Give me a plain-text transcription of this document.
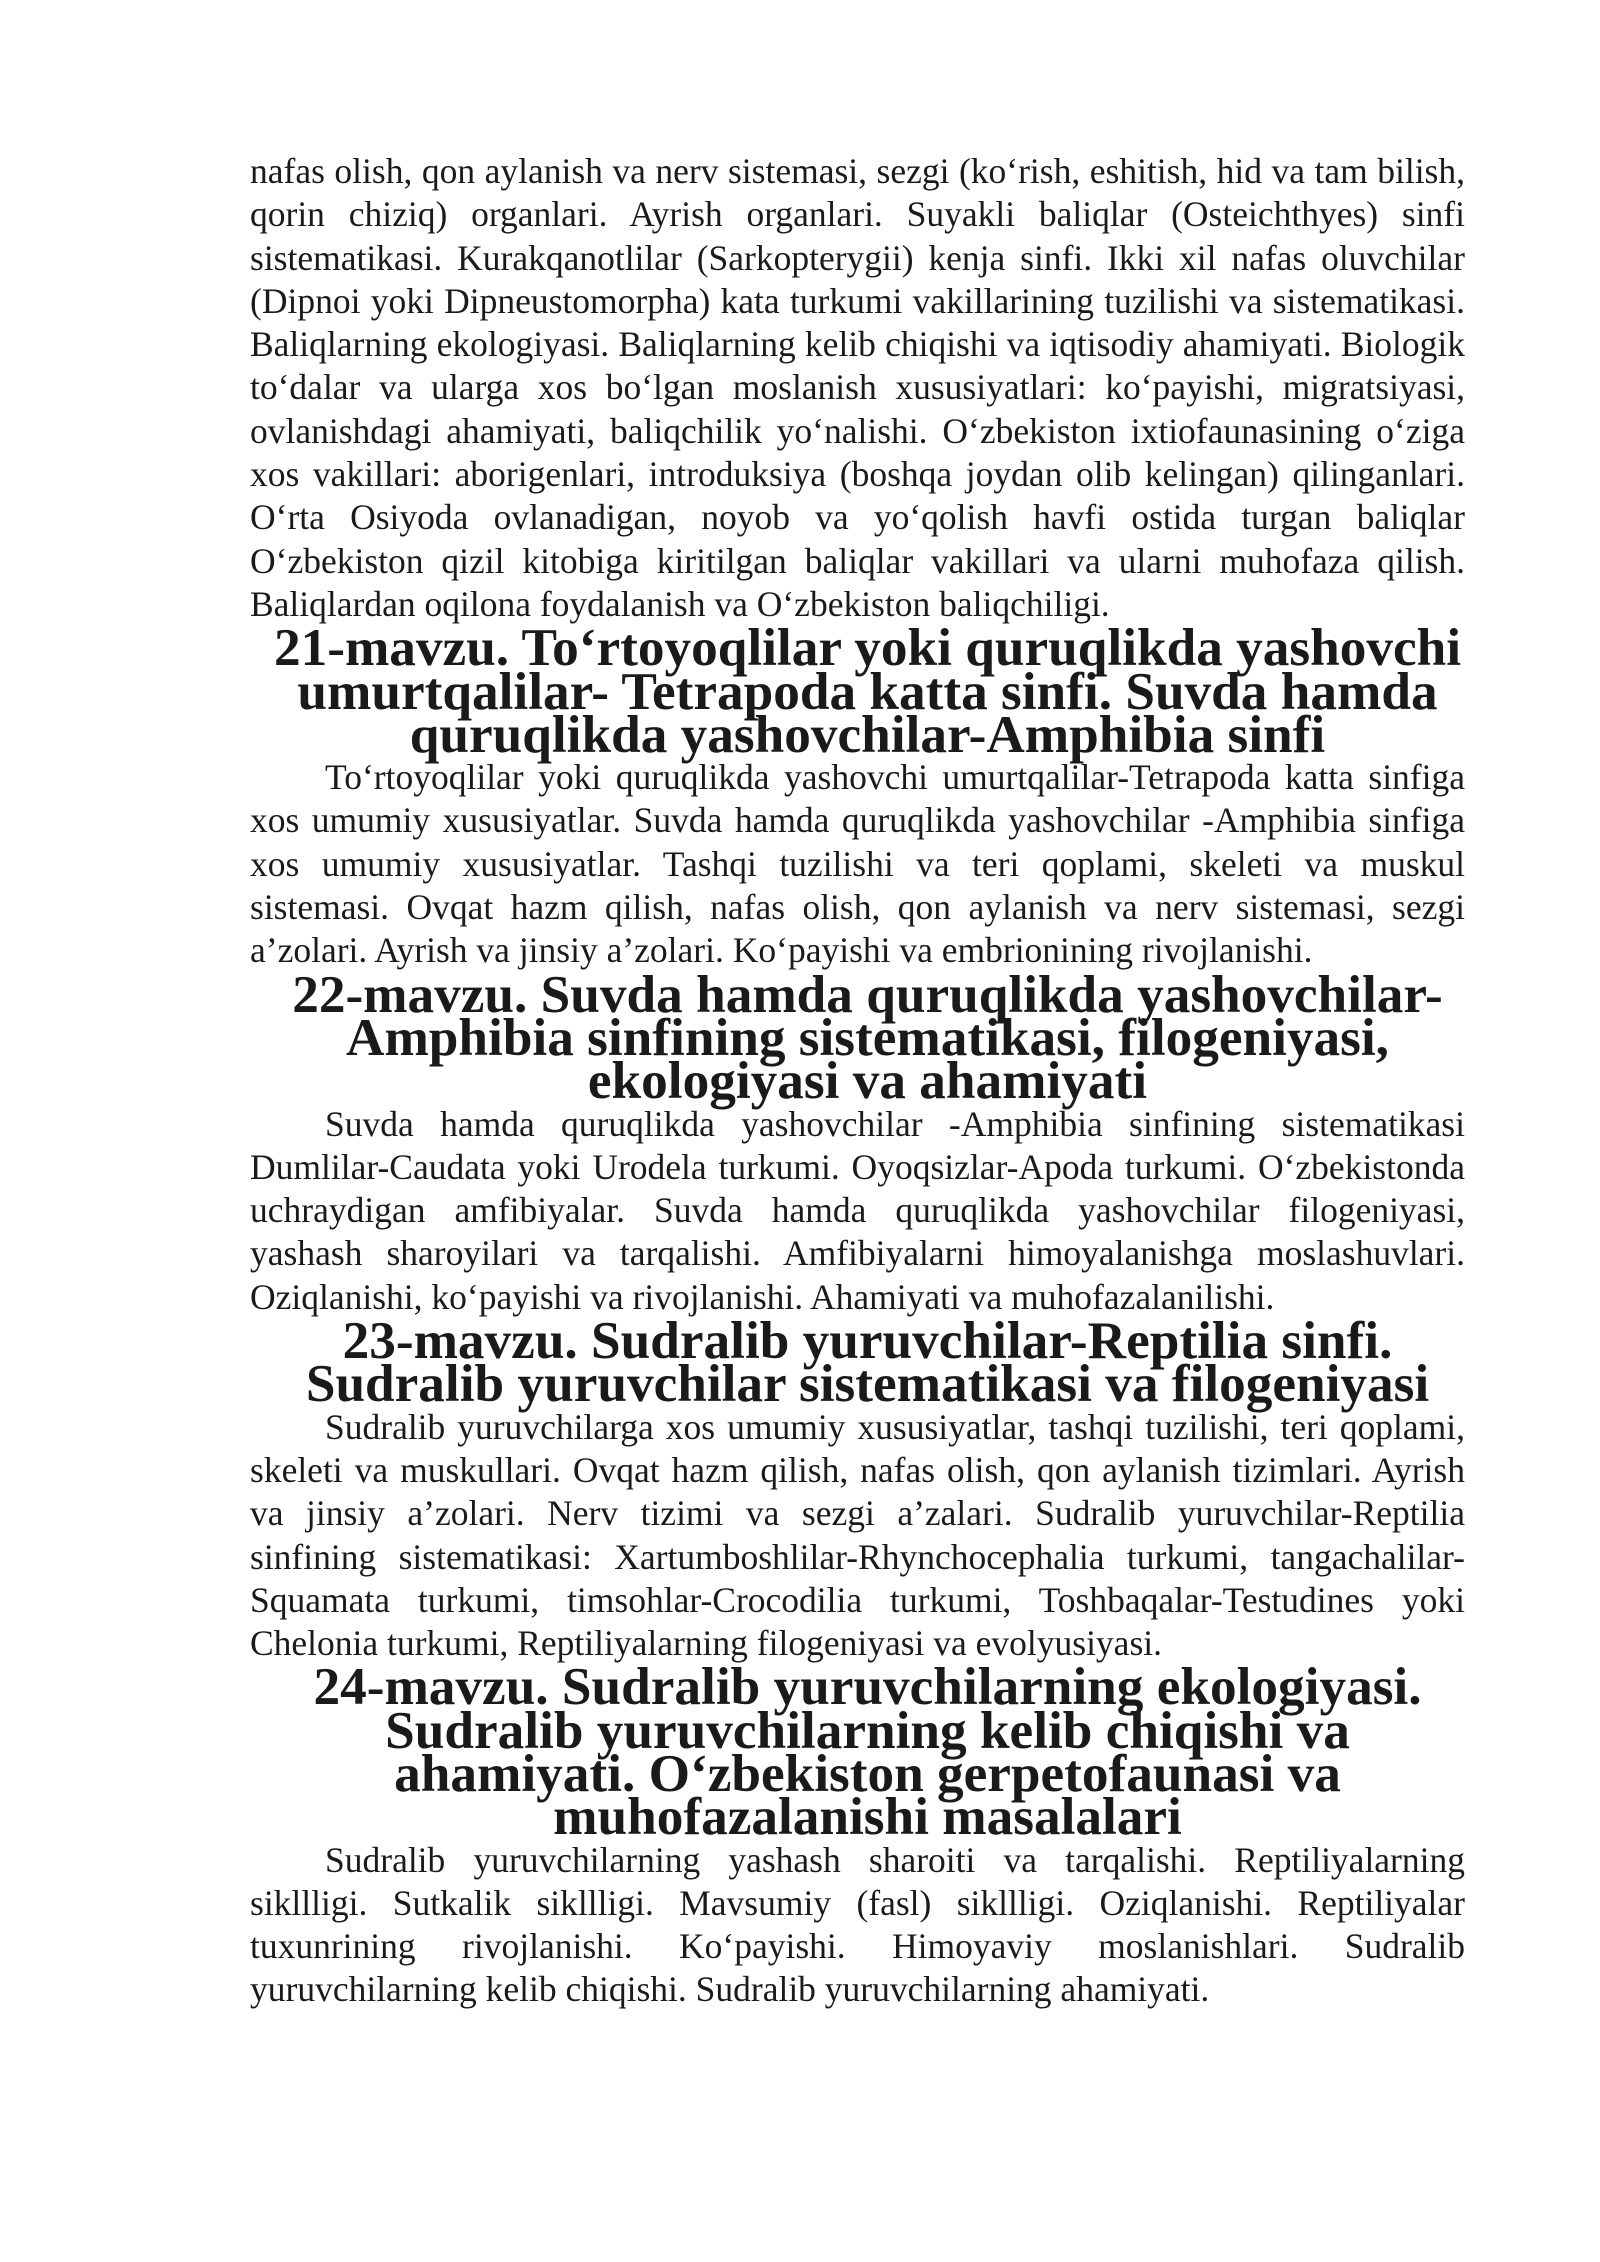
nafas olish, qon aylanish va nerv sistemasi, sezgi (ko‘rish, eshitish, hid va tam bilish, qorin chiziq) organlari. Ayrish organlari. Suyakli baliqlar (Osteichthyes) sinfi sistematikasi. Kurakqanotlilar (Sarkopterygii) kenja sinfi. Ikki xil nafas oluvchilar (Dipnoi yoki Dipneustomorpha) kata turkumi vakillarining tuzilishi va sistematikasi. Baliqlarning ekologiyasi. Baliqlarning kelib chiqishi va iqtisodiy ahamiyati. Biologik to‘dalar va ularga xos bo‘lgan moslanish xususiyatlari: ko‘payishi, migratsiyasi, ovlanishdagi ahamiyati, baliqchilik yo‘nalishi. O‘zbekiston ixtiofaunasining o‘ziga xos vakillari: aborigenlari, introduksiya (boshqa joydan olib kelingan) qilinganlari. O‘rta Osiyoda ovlanadigan, noyob va yo‘qolish havfi ostida turgan baliqlar O‘zbekiston qizil kitobiga kiritilgan baliqlar vakillari va ularni muhofaza qilish. Baliqlardan oqilona foydalanish va O‘zbekiston baliqchiligi.

21-mavzu. To‘rtoyoqlilar yoki quruqlikda yashovchi umurtqalilar- Tetrapoda katta sinfi. Suvda hamda quruqlikda yashovchilar-Amphibia sinfi

To‘rtoyoqlilar yoki quruqlikda yashovchi umurtqalilar-Tetrapoda katta sinfiga xos umumiy xususiyatlar. Suvda hamda quruqlikda yashovchilar -Amphibia sinfiga xos umumiy xususiyatlar. Tashqi tuzilishi va teri qoplami, skeleti va muskul sistemasi. Ovqat hazm qilish, nafas olish, qon aylanish va nerv sistemasi, sezgi a’zolari. Ayrish va jinsiy a’zolari. Ko‘payishi va embrionining rivojlanishi.

22-mavzu. Suvda hamda quruqlikda yashovchilar-Amphibia sinfining sistematikasi, filogeniyasi, ekologiyasi va ahamiyati

Suvda hamda quruqlikda yashovchilar -Amphibia sinfining sistematikasi Dumlilar-Caudata yoki Urodela turkumi. Oyoqsizlar-Apoda turkumi. O‘zbekistonda uchraydigan amfibiyalar. Suvda hamda quruqlikda yashovchilar filogeniyasi, yashash sharoyilari va tarqalishi. Amfibiyalarni himoyalanishga moslashuvlari. Oziqlanishi, ko‘payishi va rivojlanishi. Ahamiyati va muhofazalanilishi.

23-mavzu. Sudralib yuruvchilar-Reptilia sinfi. Sudralib yuruvchilar sistematikasi va filogeniyasi

Sudralib yuruvchilarga xos umumiy xususiyatlar, tashqi tuzilishi, teri qoplami, skeleti va muskullari. Ovqat hazm qilish, nafas olish, qon aylanish tizimlari. Ayrish va jinsiy a’zolari. Nerv tizimi va sezgi a’zalari. Sudralib yuruvchilar-Reptilia sinfining sistematikasi: Xartumboshlilar-Rhynchocephalia turkumi, tangachalilar-Squamata turkumi, timsohlar-Crocodilia turkumi, Toshbaqalar-Testudines yoki Chelonia turkumi, Reptiliyalarning filogeniyasi va evolyusiyasi.

24-mavzu. Sudralib yuruvchilarning ekologiyasi. Sudralib yuruvchilarning kelib chiqishi va ahamiyati. O‘zbekiston gerpetofaunasi va muhofazalanishi masalalari

Sudralib yuruvchilarning yashash sharoiti va tarqalishi. Reptiliyalarning sikllligi. Sutkalik sikllligi. Mavsumiy (fasl) sikllligi. Oziqlanishi. Reptiliyalar tuxunrining rivojlanishi. Ko‘payishi. Himoyaviy moslanishlari. Sudralib yuruvchilarning kelib chiqishi. Sudralib yuruvchilarning ahamiyati.
